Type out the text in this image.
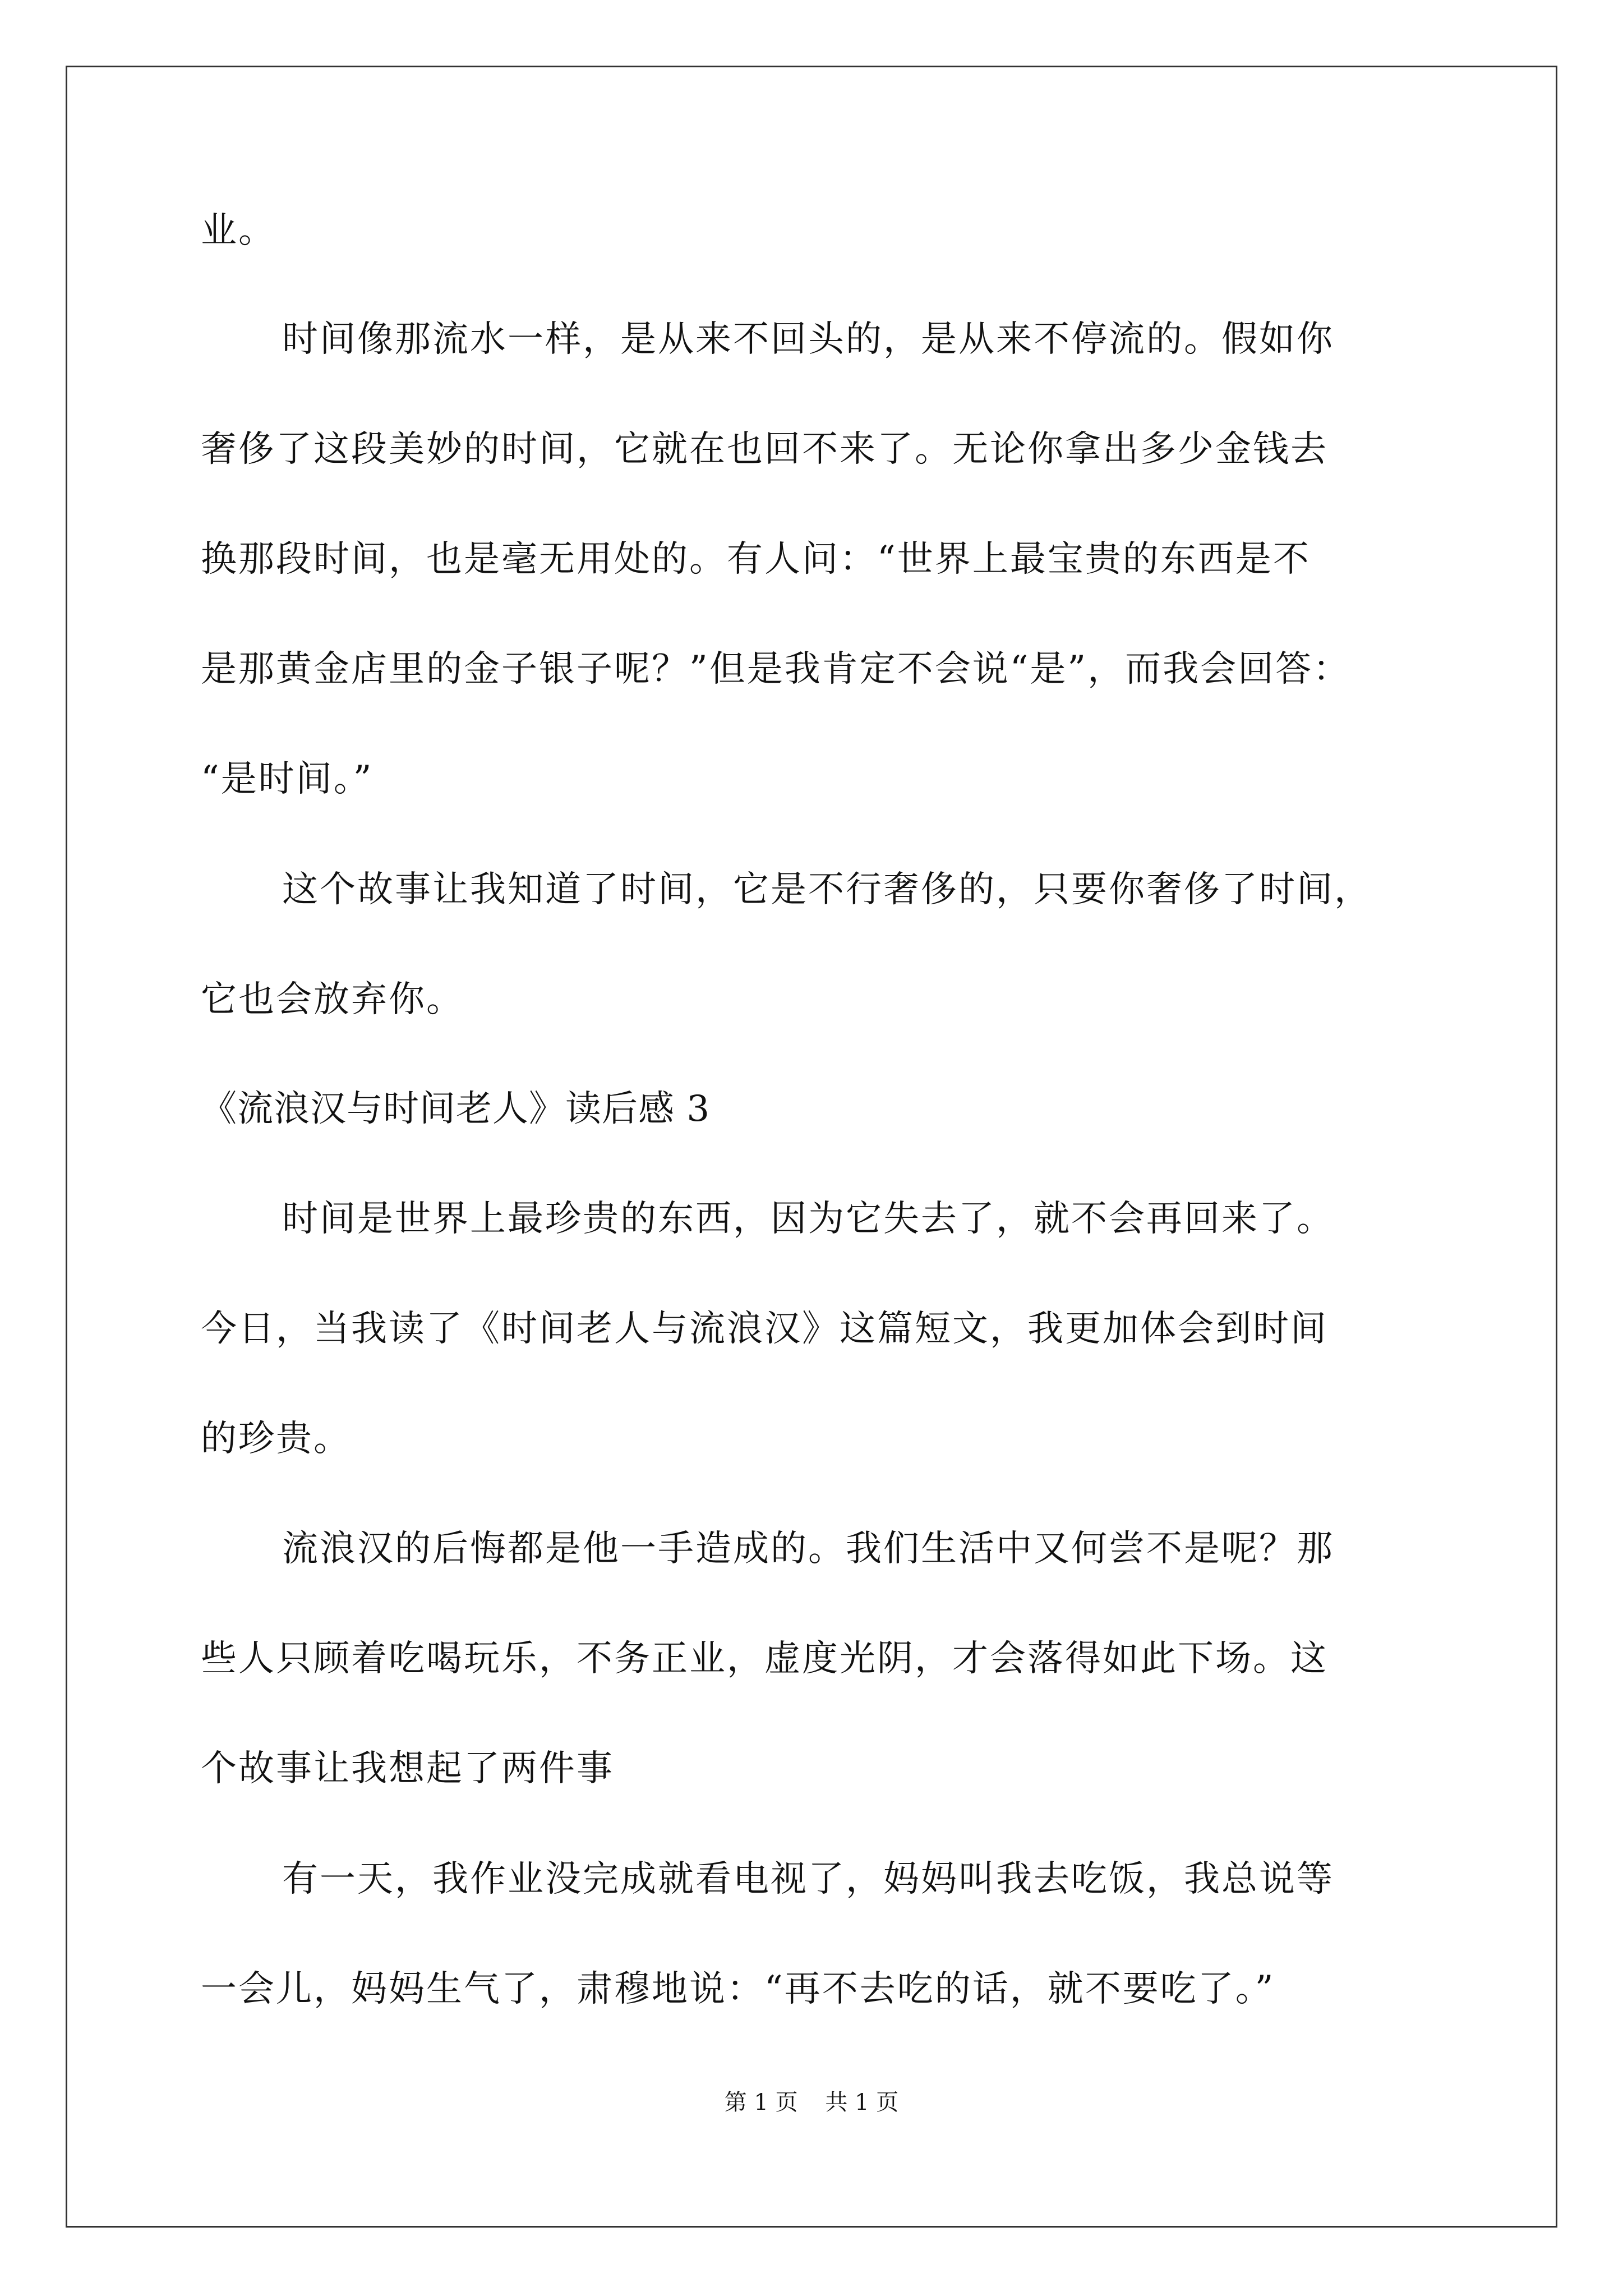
业。
时间像那流水一样，是从来不回头的，是从来不停流的。假如你
奢侈了这段美妙的时间，它就在也回不来了。无论你拿出多少金钱去
换那段时间，也是毫无用处的。有人问：“世界上最宝贵的东西是不
是那黄金店里的金子银子呢？”但是我肯定不会说“是”，而我会回答：
“是时间。”
这个故事让我知道了时间，它是不行奢侈的，只要你奢侈了时间，
它也会放弃你。
《流浪汉与时间老人》读后感 3
时间是世界上最珍贵的东西，因为它失去了，就不会再回来了。
今日，当我读了《时间老人与流浪汉》这篇短文，我更加体会到时间
的珍贵。
流浪汉的后悔都是他一手造成的。我们生活中又何尝不是呢？那
些人只顾着吃喝玩乐，不务正业，虚度光阴，才会落得如此下场。这
个故事让我想起了两件事
有一天，我作业没完成就看电视了，妈妈叫我去吃饭，我总说等
一会儿，妈妈生气了，肃穆地说：“再不去吃的话，就不要吃了。”
第 1 页 共 1 页
